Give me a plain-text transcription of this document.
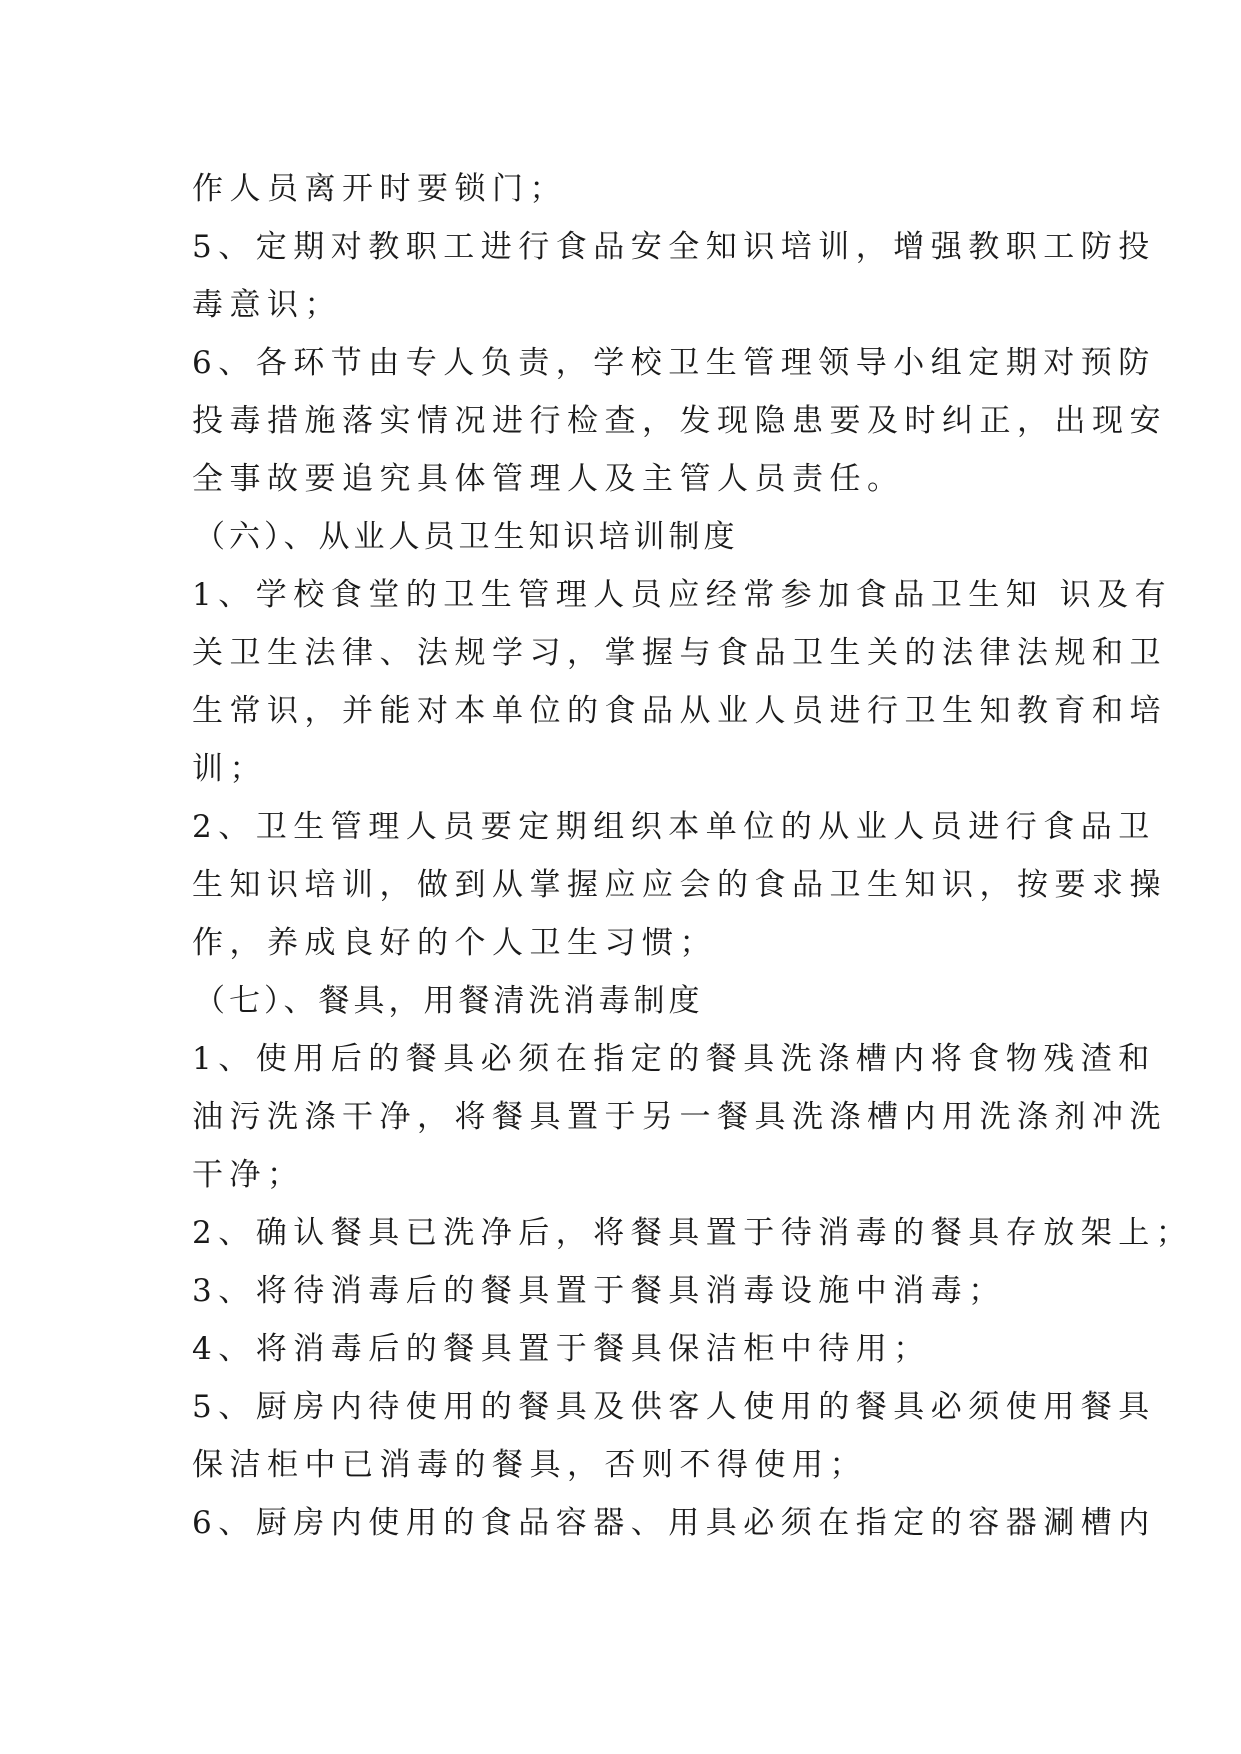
作人员离开时要锁门；
5、定期对教职工进行食品安全知识培训，增强教职工防投
毒意识；
6、各环节由专人负责，学校卫生管理领导小组定期对预防
投毒措施落实情况进行检查，发现隐患要及时纠正，出现安
全事故要追究具体管理人及主管人员责任。
（六）、从业人员卫生知识培训制度
1、学校食堂的卫生管理人员应经常参加食品卫生知 识及有
关卫生法律、法规学习，掌握与食品卫生关的法律法规和卫
生常识，并能对本单位的食品从业人员进行卫生知教育和培
训；
2、卫生管理人员要定期组织本单位的从业人员进行食品卫
生知识培训，做到从掌握应应会的食品卫生知识，按要求操
作，养成良好的个人卫生习惯；
（七）、餐具，用餐清洗消毒制度
1、使用后的餐具必须在指定的餐具洗涤槽内将食物残渣和
油污洗涤干净，将餐具置于另一餐具洗涤槽内用洗涤剂冲洗
干净；
2、确认餐具已洗净后，将餐具置于待消毒的餐具存放架上；
3、将待消毒后的餐具置于餐具消毒设施中消毒；
4、将消毒后的餐具置于餐具保洁柜中待用；
5、厨房内待使用的餐具及供客人使用的餐具必须使用餐具
保洁柜中已消毒的餐具，否则不得使用；
6、厨房内使用的食品容器、用具必须在指定的容器涮槽内
